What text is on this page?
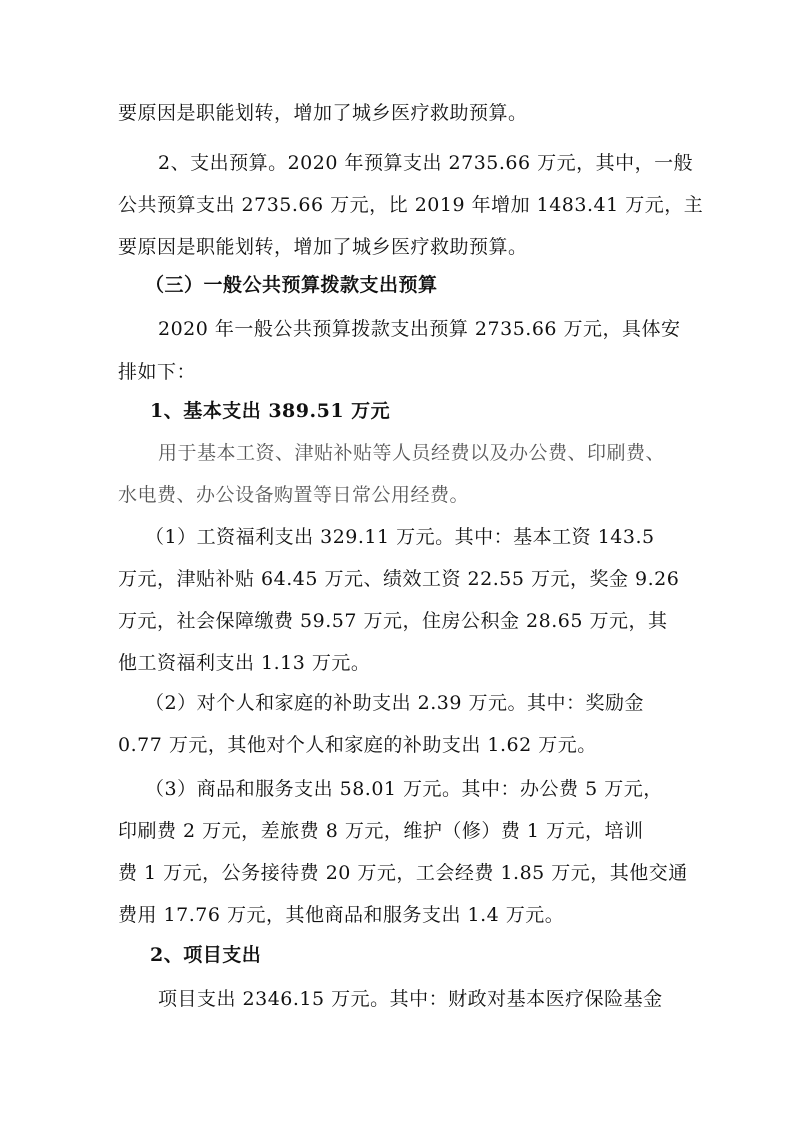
要原因是职能划转，增加了城乡医疗救助预算。
2、支出预算。2020 年预算支出 2735.66 万元，其中，一般
公共预算支出 2735.66 万元，比 2019 年增加 1483.41 万元，主
要原因是职能划转，增加了城乡医疗救助预算。
（三）一般公共预算拨款支出预算
2020 年一般公共预算拨款支出预算 2735.66 万元，具体安
排如下：
1、基本支出 389.51 万元
用于基本工资、津贴补贴等人员经费以及办公费、印刷费、
水电费、办公设备购置等日常公用经费。
（1）工资福利支出 329.11 万元。其中：基本工资 143.5
万元，津贴补贴 64.45 万元、绩效工资 22.55 万元，奖金 9.26
万元，社会保障缴费 59.57 万元，住房公积金 28.65 万元，其
他工资福利支出 1.13 万元。
（2）对个人和家庭的补助支出 2.39 万元。其中：奖励金
0.77 万元，其他对个人和家庭的补助支出 1.62 万元。
（3）商品和服务支出 58.01 万元。其中：办公费 5 万元，
印刷费 2 万元，差旅费 8 万元，维护（修）费 1 万元，培训
费 1 万元，公务接待费 20 万元，工会经费 1.85 万元，其他交通
费用 17.76 万元，其他商品和服务支出 1.4 万元。
2、项目支出
项目支出 2346.15 万元。其中：财政对基本医疗保险基金
